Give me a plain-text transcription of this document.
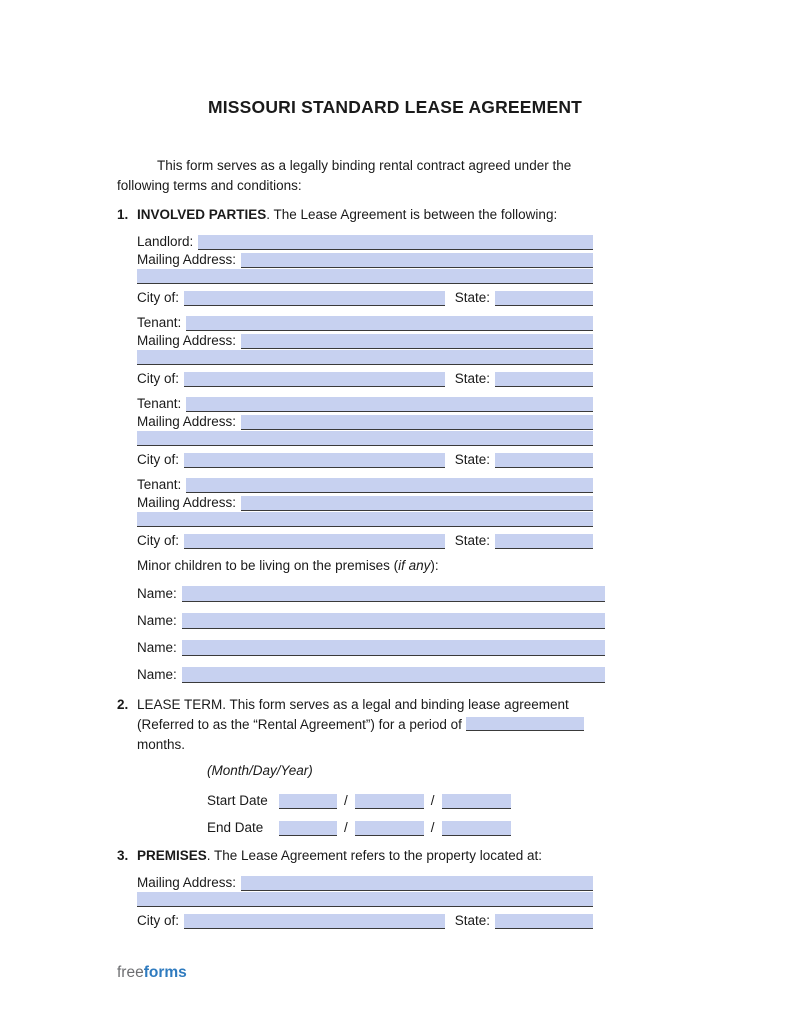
MISSOURI STANDARD LEASE AGREEMENT
This form serves as a legally binding rental contract agreed under the
following terms and conditions:
1. INVOLVED PARTIES. The Lease Agreement is between the following:
Landlord:
Mailing Address:
City of:	State:
Tenant:
Mailing Address:
City of:	State:
Tenant:
Mailing Address:
City of:	State:
Tenant:
Mailing Address:
City of:	State:
Minor children to be living on the premises (if any):
Name:
Name:
Name:
Name:
2. LEASE TERM. This form serves as a legal and binding lease agreement
(Referred to as the “Rental Agreement”) for a period of
months.
(Month/Day/Year)
Start Date	/	/
End Date	/	/
3. PREMISES. The Lease Agreement refers to the property located at:
Mailing Address:
City of:	State:
freeforms
